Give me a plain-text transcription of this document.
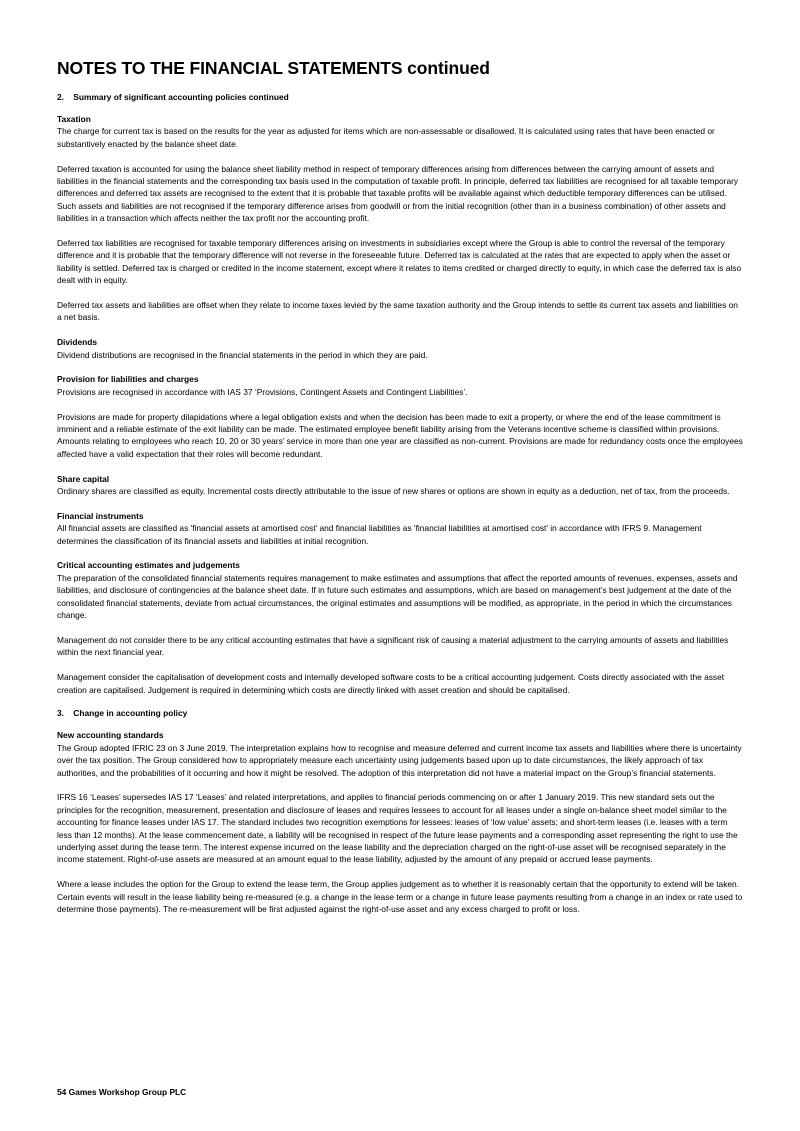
NOTES TO THE FINANCIAL STATEMENTS continued
2.    Summary of significant accounting policies continued
Taxation

The charge for current tax is based on the results for the year as adjusted for items which are non-assessable or disallowed. It is calculated using rates that have been enacted or substantively enacted by the balance sheet date.

Deferred taxation is accounted for using the balance sheet liability method in respect of temporary differences arising from differences between the carrying amount of assets and liabilities in the financial statements and the corresponding tax basis used in the computation of taxable profit. In principle, deferred tax liabilities are recognised for all taxable temporary differences and deferred tax assets are recognised to the extent that it is probable that taxable profits will be available against which deductible temporary differences can be utilised. Such assets and liabilities are not recognised if the temporary difference arises from goodwill or from the initial recognition (other than in a business combination) of other assets and liabilities in a transaction which affects neither the tax profit nor the accounting profit.

Deferred tax liabilities are recognised for taxable temporary differences arising on investments in subsidiaries except where the Group is able to control the reversal of the temporary difference and it is probable that the temporary difference will not reverse in the foreseeable future. Deferred tax is calculated at the rates that are expected to apply when the asset or liability is settled. Deferred tax is charged or credited in the income statement, except where it relates to items credited or charged directly to equity, in which case the deferred tax is also dealt with in equity.

Deferred tax assets and liabilities are offset when they relate to income taxes levied by the same taxation authority and the Group intends to settle its current tax assets and liabilities on a net basis.

Dividends

Dividend distributions are recognised in the financial statements in the period in which they are paid.

Provision for liabilities and charges

Provisions are recognised in accordance with IAS 37 ‘Provisions, Contingent Assets and Contingent Liabilities’.

Provisions are made for property dilapidations where a legal obligation exists and when the decision has been made to exit a property, or where the end of the lease commitment is imminent and a reliable estimate of the exit liability can be made. The estimated employee benefit liability arising from the Veterans incentive scheme is classified within provisions. Amounts relating to employees who reach 10, 20 or 30 years’ service in more than one year are classified as non-current. Provisions are made for redundancy costs once the employees affected have a valid expectation that their roles will become redundant.

Share capital

Ordinary shares are classified as equity. Incremental costs directly attributable to the issue of new shares or options are shown in equity as a deduction, net of tax, from the proceeds.

Financial instruments

All financial assets are classified as 'financial assets at amortised cost' and financial liabilities as 'financial liabilities at amortised cost' in accordance with IFRS 9. Management determines the classification of its financial assets and liabilities at initial recognition.

Critical accounting estimates and judgements

The preparation of the consolidated financial statements requires management to make estimates and assumptions that affect the reported amounts of revenues, expenses, assets and liabilities, and disclosure of contingencies at the balance sheet date. If in future such estimates and assumptions, which are based on management’s best judgement at the date of the consolidated financial statements, deviate from actual circumstances, the original estimates and assumptions will be modified, as appropriate, in the period in which the circumstances change.

Management do not consider there to be any critical accounting estimates that have a significant risk of causing a material adjustment to the carrying amounts of assets and liabilities within the next financial year.

Management consider the capitalisation of development costs and internally developed software costs to be a critical accounting judgement. Costs directly associated with the asset creation are capitalised. Judgement is required in determining which costs are directly linked with asset creation and should be capitalised.

3.    Change in accounting policy
New accounting standards

The Group adopted IFRIC 23 on 3 June 2019. The interpretation explains how to recognise and measure deferred and current income tax assets and liabilities where there is uncertainty over the tax position. The Group considered how to appropriately measure each uncertainty using judgements based upon up to date circumstances, the likely approach of tax authorities, and the probabilities of it occurring and how it might be resolved. The adoption of this interpretation did not have a material impact on the Group’s financial statements.

IFRS 16 ‘Leases’ supersedes IAS 17 ‘Leases’ and related interpretations, and applies to financial periods commencing on or after 1 January 2019. This new standard sets out the principles for the recognition, measurement, presentation and disclosure of leases and requires lessees to account for all leases under a single on-balance sheet model similar to the accounting for finance leases under IAS 17. The standard includes two recognition exemptions for lessees: leases of ‘low value’ assets; and short-term leases (i.e. leases with a term less than 12 months). At the lease commencement date, a liability will be recognised in respect of the future lease payments and a corresponding asset representing the right to use the underlying asset during the lease term. The interest expense incurred on the lease liability and the depreciation charged on the right-of-use asset will be recognised separately in the income statement. Right-of-use assets are measured at an amount equal to the lease liability, adjusted by the amount of any prepaid or accrued lease payments.

Where a lease includes the option for the Group to extend the lease term, the Group applies judgement as to whether it is reasonably certain that the opportunity to extend will be taken. Certain events will result in the lease liability being re-measured (e.g. a change in the lease term or a change in future lease payments resulting from a change in an index or rate used to determine those payments). The re-measurement will be first adjusted against the right-of-use asset and any excess charged to profit or loss.

54 Games Workshop Group PLC
